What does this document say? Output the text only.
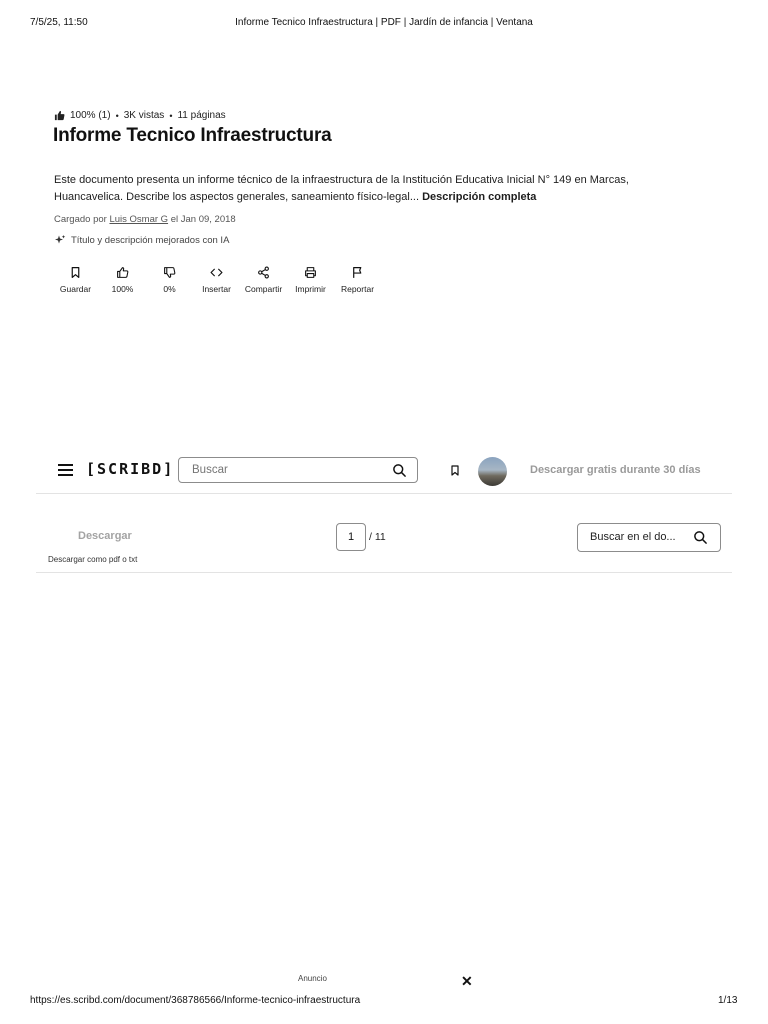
7/5/25, 11:50	Informe Tecnico Infraestructura | PDF | Jardín de infancia | Ventana
100% (1) • 3K vistas • 11 páginas
Informe Tecnico Infraestructura
Este documento presenta un informe técnico de la infraestructura de la Institución Educativa Inicial N° 149 en Marcas, Huancavelica. Describe los aspectos generales, saneamiento físico-legal... Descripción completa
Cargado por Luis Osmar G el Jan 09, 2018
Título y descripción mejorados con IA
Guardar 100%	0%	Insertar Compartir Imprimir Reportar
[SCRIBD]
Buscar	Descargar gratis durante 30 días
Descargar
Descargar como pdf o txt
1	/ 11	Buscar en el do...
Anuncio	✕
https://es.scribd.com/document/368786566/Informe-tecnico-infraestructura	1/13
